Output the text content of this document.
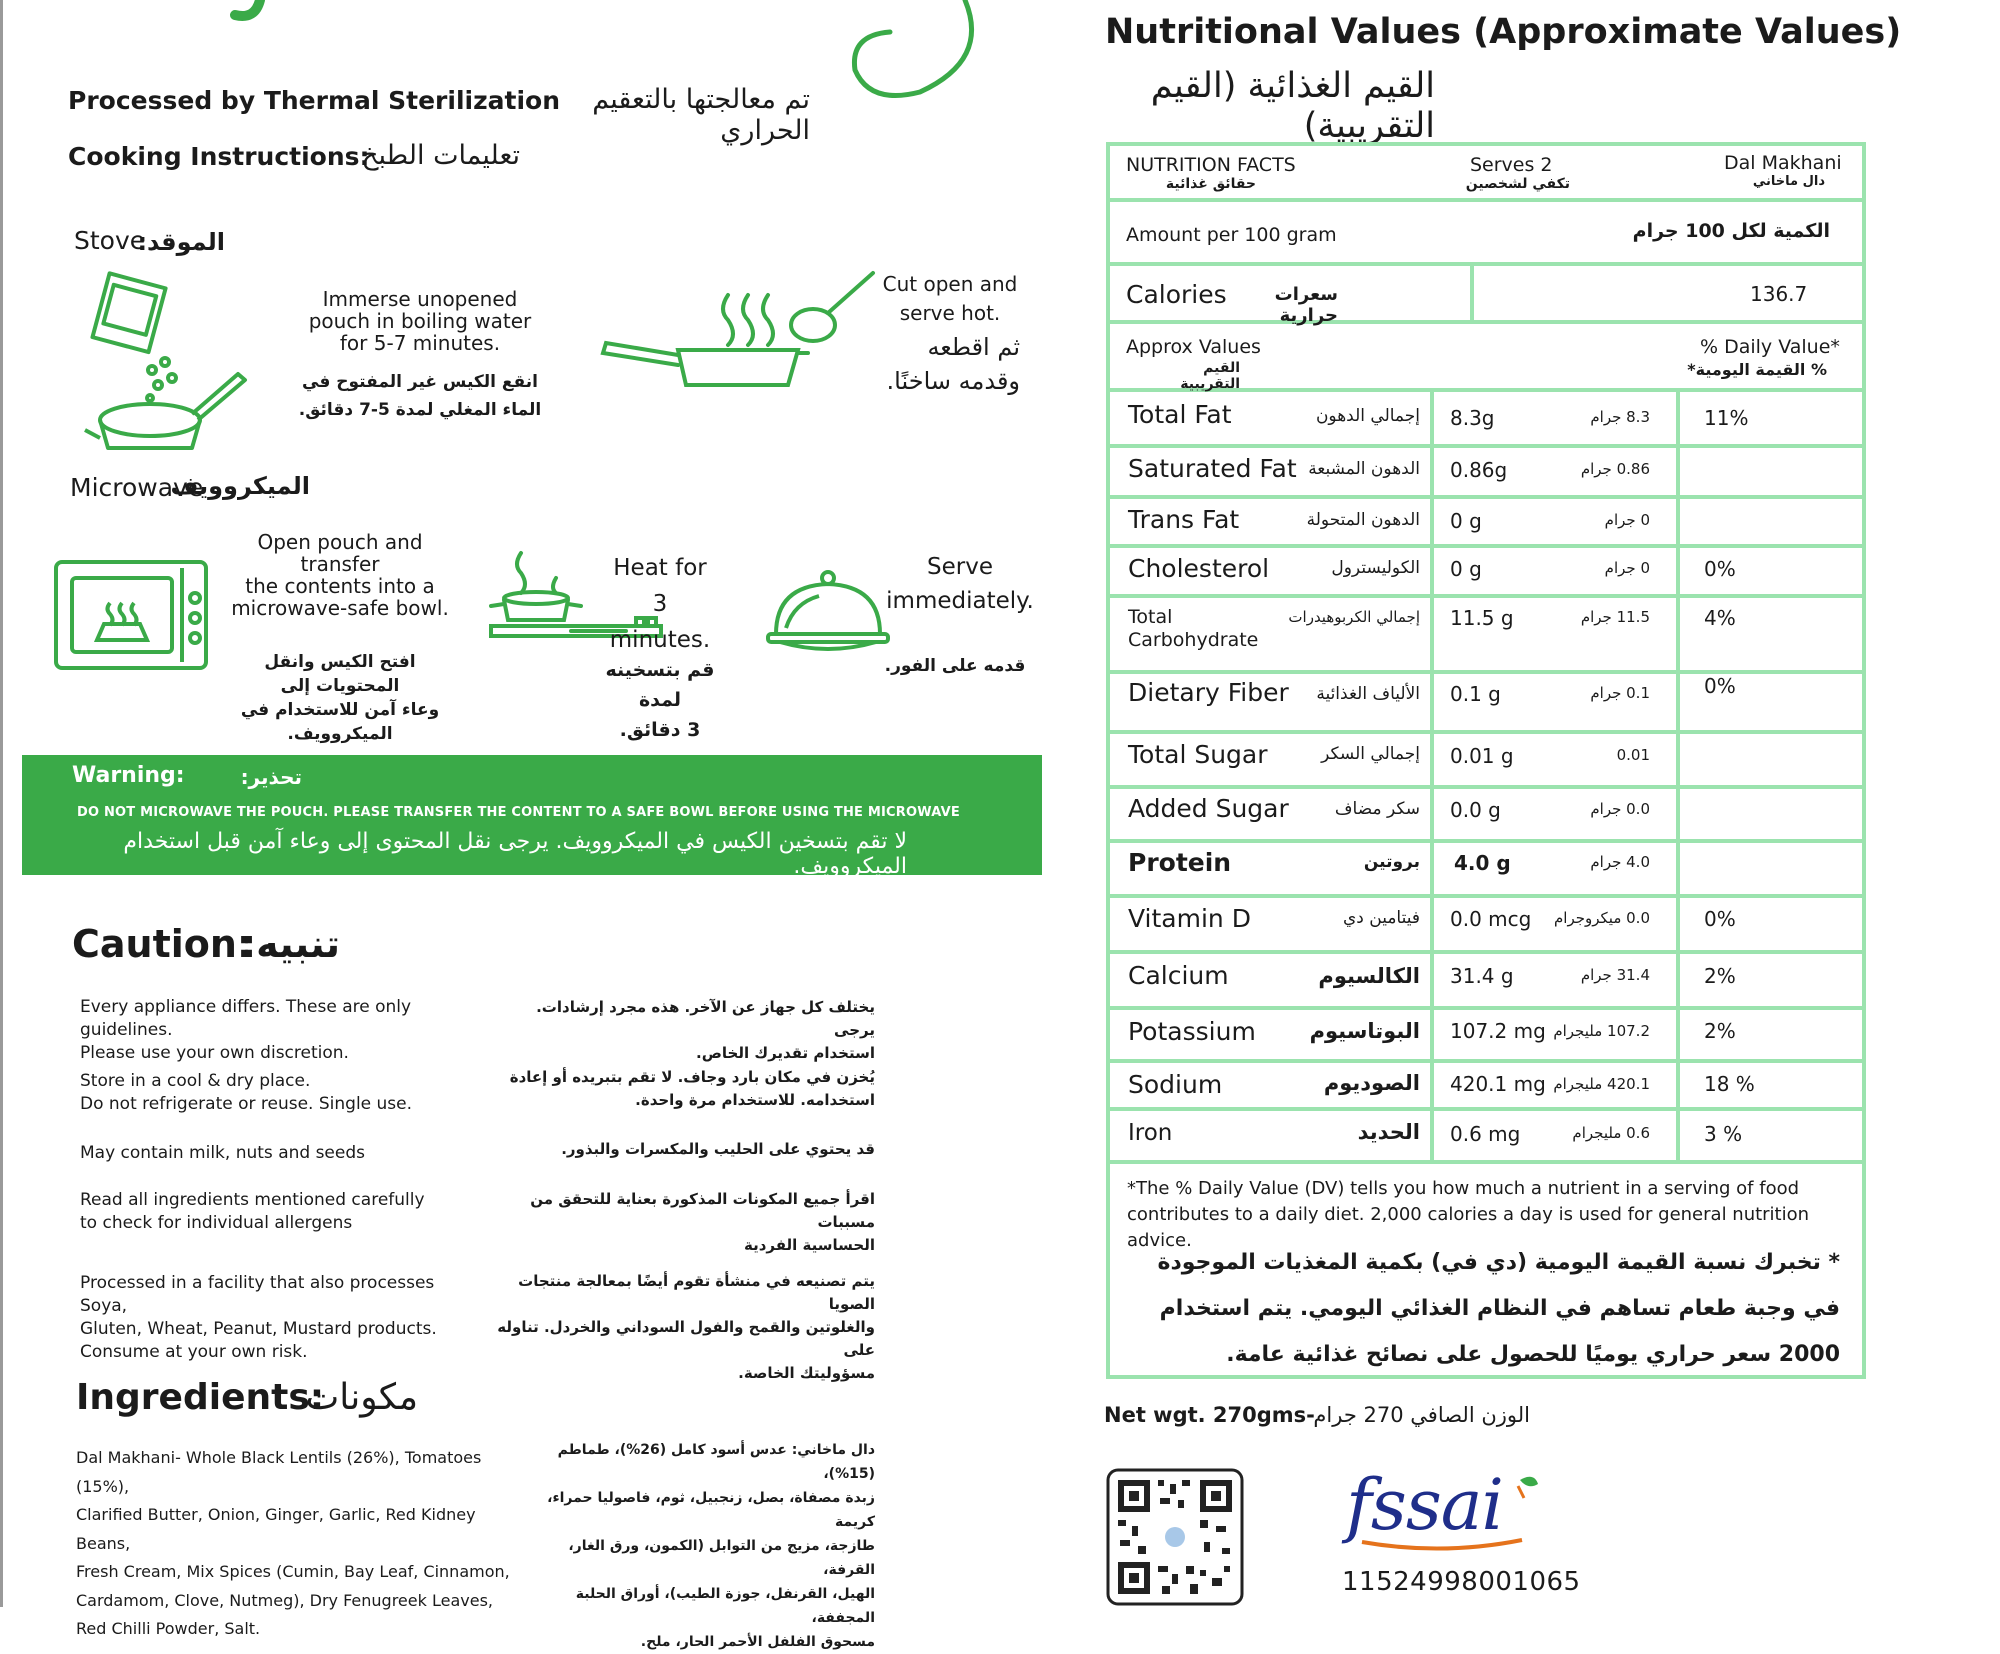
Processed by Thermal Sterilization	تم معالجتها بالتعقيم الحراري
Cooking Instructions:
تعليمات الطبخ
Stove
الموقد:
Immerse unopened
pouch in boiling water
for 5-7 minutes.
انقع الكيس غير المفتوح في
الماء المغلي لمدة 5-7 دقائق.
Cut open and
serve hot.
ثم اقطعه
وقدمه ساخنًا.
Microwave
الميكروويف
Open pouch and
transfer
the contents into a
microwave-safe bowl.
افتح الكيس وانقل المحتويات إلى
وعاء آمن للاستخدام في
الميكروويف.
Heat for
3 minutes.
قم بتسخينه لمدة
3 دقائق.
Serve
immediately.
قدمه على الفور.
Warning:	تحذير:
DO NOT MICROWAVE THE POUCH. PLEASE TRANSFER THE CONTENT TO A SAFE BOWL BEFORE USING THE MICROWAVE
لا تقم بتسخين الكيس في الميكروويف. يرجى نقل المحتوى إلى وعاء آمن قبل استخدام الميكروويف.
Caution:
تنبيه:
Every appliance differs. These are only guidelines.
Please use your own discretion.
يختلف كل جهاز عن الآخر. هذه مجرد إرشادات. يرجى
استخدام تقديرك الخاص.
Store in a cool & dry place.
Do not refrigerate or reuse. Single use.
يُخزن في مكان بارد وجاف. لا تقم بتبريده أو إعادة
استخدامه. للاستخدام مرة واحدة.
May contain milk, nuts and seeds	قد يحتوي على الحليب والمكسرات والبذور.
Read all ingredients mentioned carefully
to check for individual allergens
اقرأ جميع المكونات المذكورة بعناية للتحقق من مسببات
الحساسية الفردية
Processed in a facility that also processes Soya,
Gluten, Wheat, Peanut, Mustard products.
Consume at your own risk.
يتم تصنيعه في منشأة تقوم أيضًا بمعالجة منتجات الصويا
والغلوتين والقمح والفول السوداني والخردل. تناوله على
مسؤوليتك الخاصة.
Ingredients:
مكونات
Dal Makhani- Whole Black Lentils (26%), Tomatoes (15%),
Clarified Butter, Onion, Ginger, Garlic, Red Kidney Beans,
Fresh Cream, Mix Spices (Cumin, Bay Leaf, Cinnamon,
Cardamom, Clove, Nutmeg), Dry Fenugreek Leaves,
Red Chilli Powder, Salt.
دال ماخاني: عدس أسود كامل (26%)، طماطم (15%)،
زبدة مصفاة، بصل، زنجبيل، ثوم، فاصوليا حمراء، كريمة
طازجة، مزيج من التوابل (الكمون، ورق الغار، القرفة،
الهيل، القرنفل، جوزة الطيب)، أوراق الحلبة المجففة،
مسحوق الفلفل الأحمر الحار، ملح.
Nutritional Values (Approximate Values)
القيم الغذائية (القيم التقريبية)
NUTRITION FACTS
حقائق غذائية
Serves 2
تكفي لشخصين
Dal Makhani
دال ماخاني
Amount per 100 gram	الكمية لكل 100 جرام
Calories	سعرات حرارية
136.7
Approx Values
القيم التقريبية
% Daily Value*
% القيمة اليومية*
Total Fat	إجمالي الدهون 8.3g	8.3 جرام	11%
Saturated Fat الدهون المشبعة 0.86g	0.86 جرام
Trans Fat	الدهون المتحولة 0 g	0 جرام
Cholesterol	الكوليسترول 0 g	0 جرام	0%
Total Carbohydrate
إجمالي الكربوهيدرات 11.5 g	11.5 جرام	4%
Dietary Fiber	الألياف الغذائية 0.1 g	0.1 جرام	0%
Total Sugar	إجمالي السكر 0.01 g	0.01
Added Sugar	سكر مضاف 0.0 g	0.0 جرام
Protein	بروتين 4.0 g	4.0 جرام
Vitamin D	فيتامين دي 0.0 mcg	0.0 ميكروجرام	0%
Calcium	الكالسيوم 31.4 g	31.4 جرام	2%
Potassium	البوتاسيوم 107.2 mg 107.2 مليجرام	2%
Sodium	الصوديوم 420.1 mg 420.1 مليجرام	18 %
Iron	الحديد 0.6 mg	0.6 مليجرام	3 %
*The % Daily Value (DV) tells you how much a nutrient in a serving of food contributes to a daily diet. 2,000 calories a day is used for general nutrition advice.
* تخبرك نسبة القيمة اليومية (دي في) بكمية المغذيات الموجودة في وجبة طعام تساهم في النظام الغذائي اليومي. يتم استخدام 2000 سعر حراري يوميًا للحصول على نصائح غذائية عامة.
Net wgt. 270gms-
الوزن الصافي 270 جرام
fssai
11524998001065
